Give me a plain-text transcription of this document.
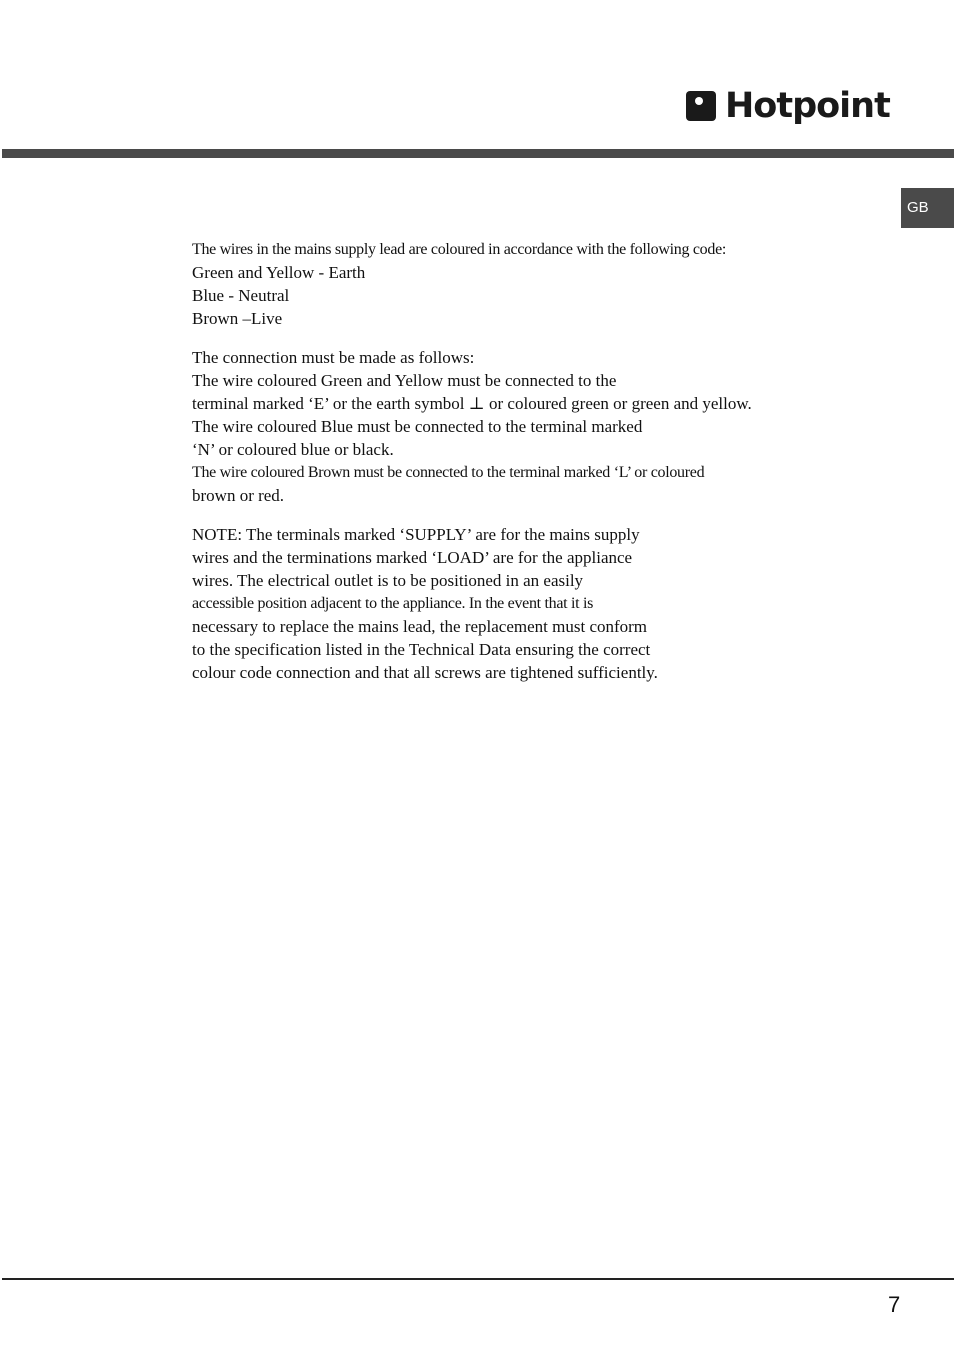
Hotpoint
GB
The wires in the mains supply lead are coloured in accordance with the following code:
Green and Yellow - Earth
Blue - Neutral
Brown –Live
The connection must be made as follows:
The wire coloured Green and Yellow must be connected to the
terminal marked ‘E’ or the earth symbol ⊥ or coloured green or green and yellow.
The wire coloured Blue must be connected to the terminal marked
‘N’ or coloured blue or black.
The wire coloured Brown must be connected to the terminal marked ‘L’ or coloured
brown or red.
NOTE: The terminals marked ‘SUPPLY’ are for the mains supply
wires and the terminations marked ‘LOAD’ are for the appliance
wires. The electrical outlet is to be positioned in an easily
accessible position adjacent to the appliance. In the event that it is
necessary to replace the mains lead, the replacement must conform
to the specification listed in the Technical Data ensuring the correct
colour code connection and that all screws are tightened sufficiently.
7
